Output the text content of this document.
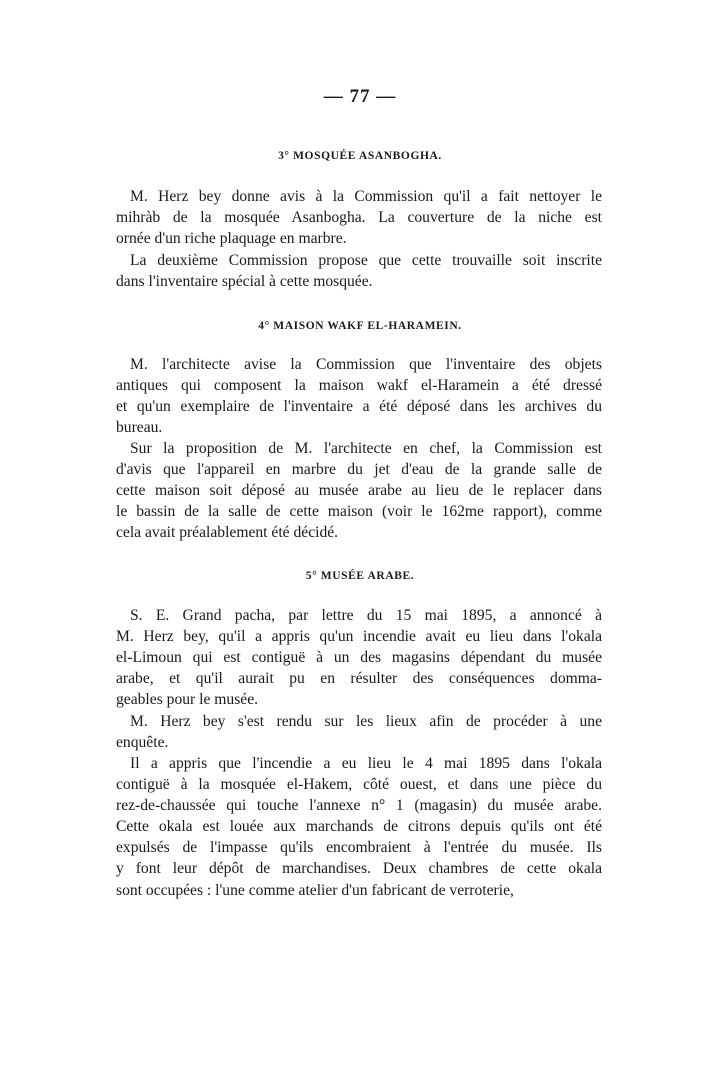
— 77 —
3° MOSQUÉE ASANBOGHA.
M. Herz bey donne avis à la Commission qu'il a fait nettoyer le
mihràb de la mosquée Asanbogha. La couverture de la niche est
ornée d'un riche plaquage en marbre.
La deuxième Commission propose que cette trouvaille soit inscrite
dans l'inventaire spécial à cette mosquée.
4° MAISON WAKF EL-HARAMEIN.
M. l'architecte avise la Commission que l'inventaire des objets
antiques qui composent la maison wakf el-Haramein a été dressé
et qu'un exemplaire de l'inventaire a été déposé dans les archives du
bureau.
Sur la proposition de M. l'architecte en chef, la Commission est
d'avis que l'appareil en marbre du jet d'eau de la grande salle de
cette maison soit déposé au musée arabe au lieu de le replacer dans
le bassin de la salle de cette maison (voir le 162me rapport), comme
cela avait préalablement été décidé.
5° MUSÉE ARABE.
S. E. Grand pacha, par lettre du 15 mai 1895, a annoncé à
M. Herz bey, qu'il a appris qu'un incendie avait eu lieu dans l'okala
el-Limoun qui est contiguë à un des magasins dépendant du musée
arabe, et qu'il aurait pu en résulter des conséquences domma-
geables pour le musée.
M. Herz bey s'est rendu sur les lieux afin de procéder à une
enquête.
Il a appris que l'incendie a eu lieu le 4 mai 1895 dans l'okala
contiguë à la mosquée el-Hakem, côté ouest, et dans une pièce du
rez-de-chaussée qui touche l'annexe n° 1 (magasin) du musée arabe.
Cette okala est louée aux marchands de citrons depuis qu'ils ont été
expulsés de l'impasse qu'ils encombraient à l'entrée du musée. Ils
y font leur dépôt de marchandises. Deux chambres de cette okala
sont occupées : l'une comme atelier d'un fabricant de verroterie,
